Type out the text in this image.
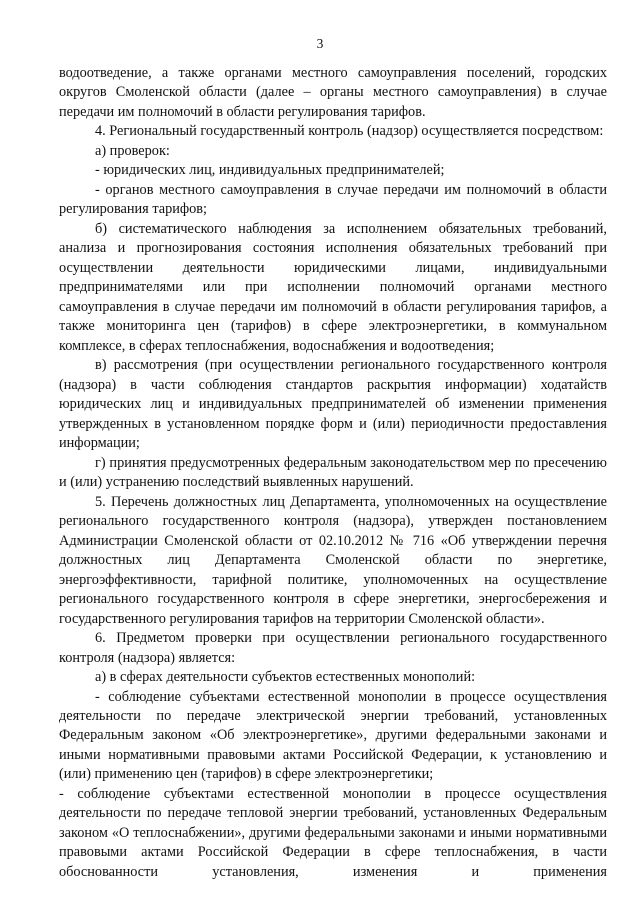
3

водоотведение, а также органами местного самоуправления поселений, городских округов Смоленской области (далее – органы местного самоуправления) в случае передачи им полномочий в области регулирования тарифов.

4. Региональный государственный контроль (надзор) осуществляется посредством:

а) проверок:

- юридических лиц, индивидуальных предпринимателей;

- органов местного самоуправления в случае передачи им полномочий в области регулирования тарифов;

б) систематического наблюдения за исполнением обязательных требований, анализа и прогнозирования состояния исполнения обязательных требований при осуществлении деятельности юридическими лицами, индивидуальными предпринимателями или при исполнении полномочий органами местного самоуправления в случае передачи им полномочий в области регулирования тарифов, а также мониторинга цен (тарифов) в сфере электроэнергетики, в коммунальном комплексе, в сферах теплоснабжения, водоснабжения и водоотведения;

в) рассмотрения (при осуществлении регионального государственного контроля (надзора) в части соблюдения стандартов раскрытия информации) ходатайств юридических лиц и индивидуальных предпринимателей об изменении применения утвержденных в установленном порядке форм и (или) периодичности предоставления информации;

г) принятия предусмотренных федеральным законодательством мер по пресечению и (или) устранению последствий выявленных нарушений.

5. Перечень должностных лиц Департамента, уполномоченных на осуществление регионального государственного контроля (надзора), утвержден постановлением Администрации Смоленской области от 02.10.2012 № 716 «Об утверждении перечня должностных лиц Департамента Смоленской области по энергетике, энергоэффективности, тарифной политике, уполномоченных на осуществление регионального государственного контроля в сфере энергетики, энергосбережения и государственного регулирования тарифов на территории Смоленской области».

6. Предметом проверки при осуществлении регионального государственного контроля (надзора) является:

а) в сферах деятельности субъектов естественных монополий:

- соблюдение субъектами естественной монополии в процессе осуществления деятельности по передаче электрической энергии требований, установленных Федеральным законом «Об электроэнергетике», другими федеральными законами и иными нормативными правовыми актами Российской Федерации, к установлению и (или) применению цен (тарифов) в сфере электроэнергетики;

- соблюдение субъектами естественной монополии в процессе осуществления деятельности по передаче тепловой энергии требований, установленных Федеральным законом «О теплоснабжении», другими федеральными законами и иными нормативными правовыми актами Российской Федерации в сфере теплоснабжения, в части обоснованности установления, изменения и применения
